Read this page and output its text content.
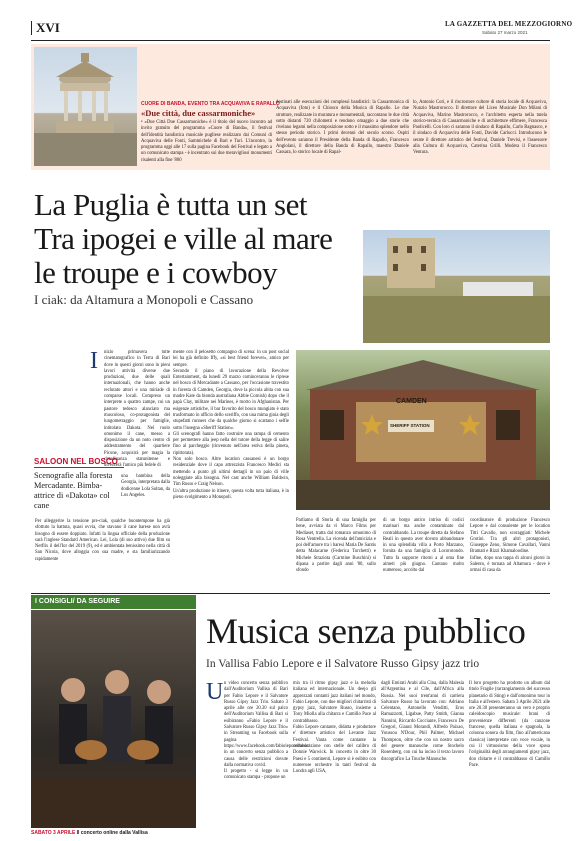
XVI	LA GAZZETTA DEL MEZZOGIORNO
Sabato 27 marzo 2021
CUORE DI BANDA, EVENTO TRA ACQUAVIVA E RAPALLO
«Due città, due cassarmoniche»
• «Due Città Due Cassarmoniche» è il titolo del nuovo incontro ad invito gratuito del programma «Cuore di Banda», il festival dell'identità bandistica musicale pugliese realizzato dai Comuni di Acquaviva delle Fonti, Sammichele di Bari e Turi. L'incontro, in programma oggi alle 17 sulla pagina Facebook del Festival e legato a un comunicato stampa - è incentrato sui due meravigliosi monumenti risalenti alla fine '800
destinati alle esecuzioni dei complessi bandistici: la Cassarmonica di Acquaviva (foto) e il Chiosco della Musica di Rapallo. Le due strutture, realizzate in muratura e monumentali, raccontano le due città sotto distanti 720 chilometri e rendono omaggio a due storie che rivelano legami nella composizione sotto e il massimo splendore nello stesso periodo storico. I primi decenni del secolo scorso. Ospiti dell'evento saranno il Presidente della Banda di Rapallo, Francesco Angiolani, il direttore della Banda di Rapallo, maestro Daniele Cassara, lo storico locale di Rapal-
lo, Antonio Cori, e il riscrostore cultore di storia locale di Acquaviva, Nunzio Mastrorocco. Il direttore del Liceo Musicale Don Milani di Acquaviva, Marino Mastrorocco, e l'architetto esperta nella tutela storico-tecnica di Cassarmoniche e di architetture effimere, Francesca Paolicelli. Con loro ci saranno il sindaco di Rapallo, Carlo Bagnasco, e il sindaco di Acquaviva delle Fonti, Davide Carlucci. Introducono le serate il direttore artistico del festival, Daniele Trevisi, e l'assessore alla Cultura di Acquaviva, Caterina Grilli. Modera il Francesco Ventura.
La Puglia è tutta un set
Tra ipogei e ville al mare
le troupe e i cowboy
I ciak: da Altamura a Monopoli e Cassano
SALOON NEL BOSCO
Scenografie alla foresta Mercadante. Bimba-attrice di «Dakota» col cane
I nizio primavera tutte cinematografico in Terra di Bari dove in questi giorni sono in pieni lavori attività diverse due produzioni, due delle quali internazionali, che hanno anche reclutato attori e una miriade di comparse locali. Compreso un interprete a quattro zampe, cui un pastore tedesco alanciato ma muscoloso, co-protagonista del lungometraggio per famiglie, intitolato Dakota. Nel ruolo omonimo il cane, messo a disposizione da un noto centro di addestramento del quartiere Picone, acquisirà per magia la cittadinanza statunitense e diventerà l'amico più fedele di
una bambina della Georgia, interpretata dalla dodicenne Lola Sultan, da Los Angeles.
Per alleggerire la tensione pre-ciak, qualche buontempone ha già sfottuto la battuta, quasi ovvia, che stavano il cane barese non avrà bisogno di essere doppiato. Infatti la lingua ufficiale della produzione sarà l'inglese Standard American. Lei, Lola (di suo attivo) due film su Netflix il dell'Ior del 2019 (9), ed è ambientata benissimo nella città di San Nicola, dove alloggia con sua madre, e sta familiarizzando rapidamente
mente con il pelosetto compagno di scena: in un post social lei ha già definito Iffy, «si best friend forever», amico per sempre.
Secondo il piano di lavorazione della Revolver Entertainment, da lunedì 29 marzo cominceranno le riprese nel bosco di Mercadante a Cassano, per l'occasione travestito in foresta di Camden, Georgia, dove la piccola abita con sua madre Kate da bionda australiana Abbie Cornish) dopo che il papà Clay, militare nei Marines, è morto in Afghanistan. Per esigenze artistiche, il bar favorito del bosco mungiato è stato trasformato in ufficio dello sceriffo, con una mima gioia degli stupefatti runners che da qualche giorno si scattano i selfie sotto l'insegna «Sheriff Station».
Gli scenografi hanno fatto costruire una rampa di cemento per permettere alla jeep nella del tutore della legge di salire fino al parcheggio (rinvenuto nell'area estiva della pineta, ripittorata).
Non solo bosco. Altre location cassanesi è un borgo residenziale dove il capo attrezzista Francesco Medici sta mettendo a punto gli ultimi dettagli in un paio di ville noleggiate alla bisogna. Nel cast anche William Baldwin, Tim Russo e Craig Nelson.
Un'altra produzione in itinere, questa volta tutta italiana, è in pieno svolgimento a Monopoli.
CAMDEN
SHERIFF STATION
Parliamo di Storia di una famiglia per bene, avviata da vi Marco Films per Mediaset, tratta dal romanzo omonimo di Rosa Ventrella. La vicenda dell'amicizia e poi dell'amore tra i baresi Maria De Santis detta Malacarne (Federica Torchetti) e Michele Straziota (Carmine Buschini) si dipana a partire dagli anni '80, sullo sfondo
di un borgo antico intriso di codici marinari ma anche contaminato dal contrabbando. La troupe diretta da Stefano Reali in questo aver dovuto abbandonare in una splendida villa a Porto Marzano, fornita da una famiglia di Locorotondo. Tutto fa supporre ritorni a al oma fine aimeti più giugno. Cantano molto numeroso, accolto dal
coordinatore di produzione Francesco Lepore e dal consulente per le location Titti Cavallo, non scoraggiati: Michele Grotini. Tra gli altri protagonisti, Giuseppe Zeno, Simone Cavallari, Vanni Bramati e Rizzi Khamaloodine.
Infine, dopo una tappa di alcuni giorni in Salento, è tornata ad Altamura - dove è ormai di casa da
I CONSIGLI/ DA SEGUIRE
SABATO 3 APRILE Il concerto online dalla Vallisa
Musica senza pubblico
In Vallisa Fabio Lepore e il Salvatore Russo Gipsy jazz trio
U n video concerto senza pubblico dall'Auditorium Vallisa di Bari per Fabio Lepore e il Salvatore Russo Gipsy Jazz Trio. Sabato 3 aprile alle ore 20.30 sul palco dell'Auditorium Vallisa di Bari si esibiranno «Fabio Lepore e il Salvatore Russo Gipsy Jazz Trio» in Streaming su Facebook sulla pagina https://www.facebook.com/fabioleporemusic/ in un concerto senza pubblico a causa delle restrizioni dovute dalla normativa covid.
Il progetto - si legge in un comunicato stampa - propone un
mix tra il ritmo gipsy jazz e la melodia italiana ed internazionale. Un deejo gli apprezzati contanti jazz italiani nel mondo, Fabio Lepore, con due migliori chitarristi di gypsy jazz, Salvatore Russo, insieme a Tony Miolla alla chitarra e Camillo Pace al contrabbasso.
Fabio Lepore cantante, didatta e produttore e' direttore artistico del Levante Jazz Festival. Vanta come cantante la collaborazione con stelle del calibro di Donnie Warwick. In concerto in oltre 30 Paesi e 5 continenti, Lepore si è esibito con numerose orchestre in tanti festival da Londra agli USA,
dagli Emirati Arabi alla Cina, dalla Malesia all'Argentina e al Cile, dall'Africa alla Russia. Nei suoi trent'anni di carriera Salvatore Russo ha lavorato con: Adriano Celentano, Antonello Venditti, Eros Ramazzotti, Ligabue, Patty Smith, Gianna Nannini, Riccardo Cocciante, Francesco De Gregori, Gianni Morandi, Alfredo Paixao, Youssou N'Dour, Phil Palmer, Michael Thompson, oltre che con un nostro sacro del genere manouche come Stochelo Rosenberg, con cui ha inciso il terzo lavoro discografico La Touche Manouche.
Il loro progetto ha prodotto un album dal titolo Fragile (rarrangiamento del successo planetario di Sting) e dall'omonimo tour in Italia e all'estero. Sabato 3 Aprile 2021 alle ore 20.30 presenteranno un vero e proprio caleidoscopio musicale: brani di provenienze differenti (da canzone francese, quella italiana e spagnola, la colonna sonora da film, fino all'americana classica) interpretate con voce vocale, in cui il virtuosismo della voce sposa l'originalità degli arrangiamenti gipsy jazz, doo chitarre e il contrabbasso di Camillo Pace.
